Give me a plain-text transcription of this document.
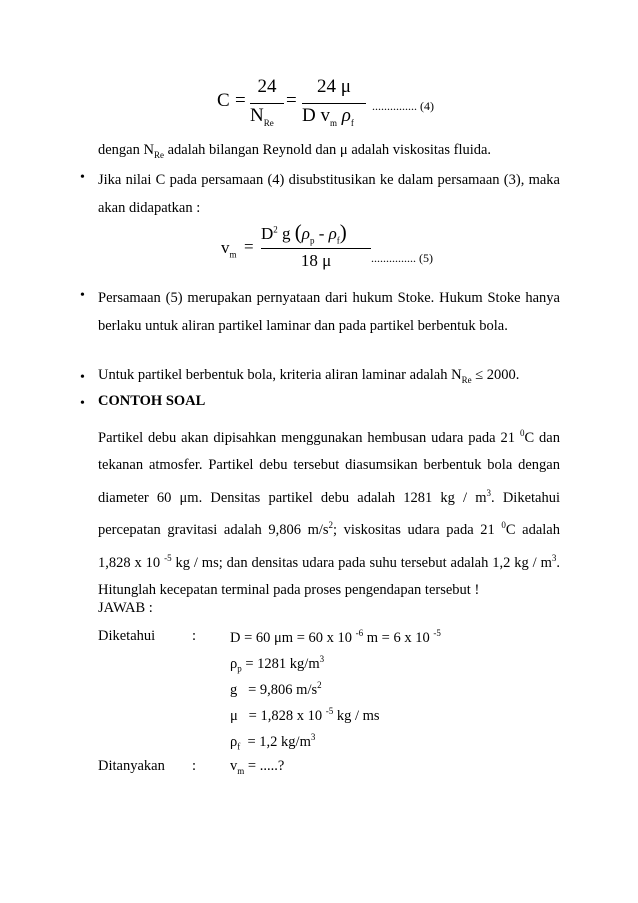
C =
24
$N_{Re}$
=
24 μ
D $v_m$ $\rho_f$
............... (4)
dengan $N_{Re}$ adalah bilangan Reynold dan μ adalah viskositas fluida.
• Jika nilai C pada persamaan (4) disubstitusikan ke dalam persamaan (3), maka akan didapatkan :
$v_m$ =
$D^2$ g $(\rho_p - \rho_f)$
18 μ	............... (5)
• Persamaan (5) merupakan pernyataan dari hukum Stoke. Hukum Stoke hanya berlaku untuk aliran partikel laminar dan pada partikel berbentuk bola.
• Untuk partikel berbentuk bola, kriteria aliran laminar adalah $N_{Re} \le 2000$.
• CONTOH SOAL
Partikel debu akan dipisahkan menggunakan hembusan udara pada 21 $^0$C dan tekanan atmosfer. Partikel debu tersebut diasumsikan berbentuk bola dengan diameter 60 μm. Densitas partikel debu adalah 1281 kg / $m^3$. Diketahui percepatan gravitasi adalah 9,806 $m/s^2$; viskositas udara pada 21 $^0$C adalah 1,828 x 10 $^{-5}$ kg / ms; dan densitas udara pada suhu tersebut adalah 1,2 kg / $m^3$. Hitunglah kecepatan terminal pada proses pengendapan tersebut !
JAWAB :
Diketahui	: D = 60 μm = 60 x 10 $^{-6}$ m = 6 x 10 $^{-5}$
$\rho_p = 1281$ $kg/m^3$
g   = 9,806 $m/s^2$
μ   = 1,828 x 10 $^{-5}$ kg / ms
$\rho_f = 1,2$ $kg/m^3$
Ditanyakan : $v_m$ = .....?
